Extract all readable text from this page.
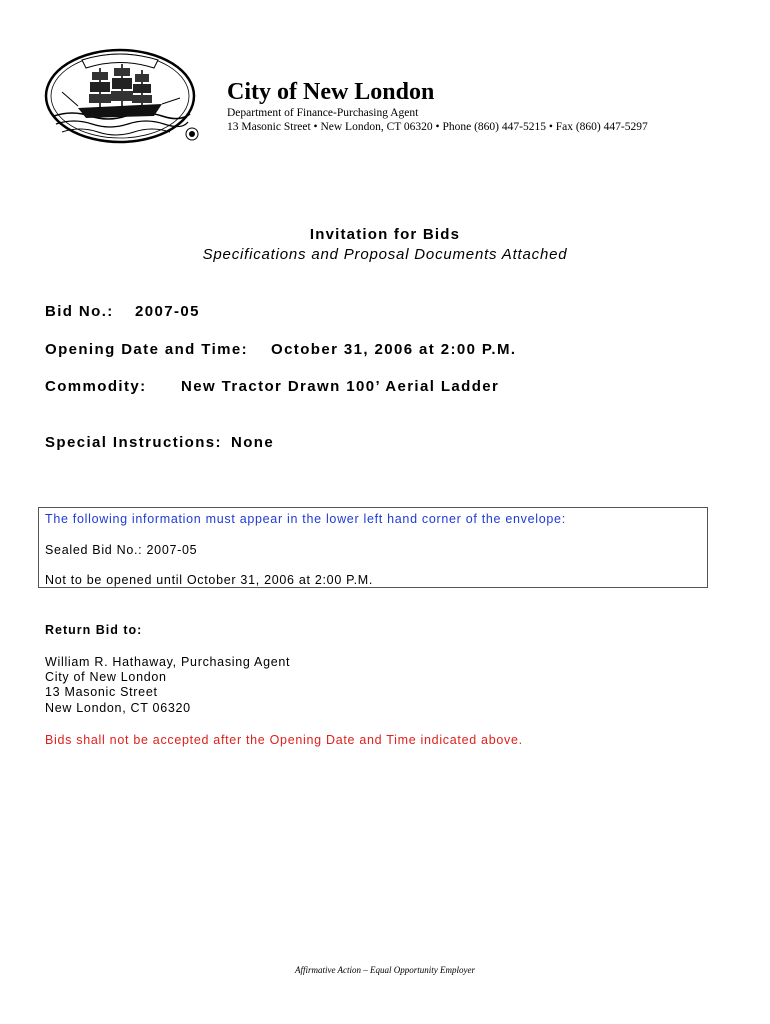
City of New London
Department of Finance-Purchasing Agent
13 Masonic Street • New London, CT 06320 • Phone (860) 447-5215 • Fax (860) 447-5297
Invitation for Bids
Specifications and Proposal Documents Attached
Bid No.: 2007-05
Opening Date and Time: October 31, 2006 at 2:00 P.M.
Commodity: New Tractor Drawn 100’ Aerial Ladder
Special Instructions: None
The following information must appear in the lower left hand corner of the envelope:
Sealed Bid No.: 2007-05
Not to be opened until October 31, 2006 at 2:00 P.M.
Return Bid to:
William R. Hathaway, Purchasing Agent
City of New London
13 Masonic Street
New London, CT 06320
Bids shall not be accepted after the Opening Date and Time indicated above.
Affirmative Action – Equal Opportunity Employer
